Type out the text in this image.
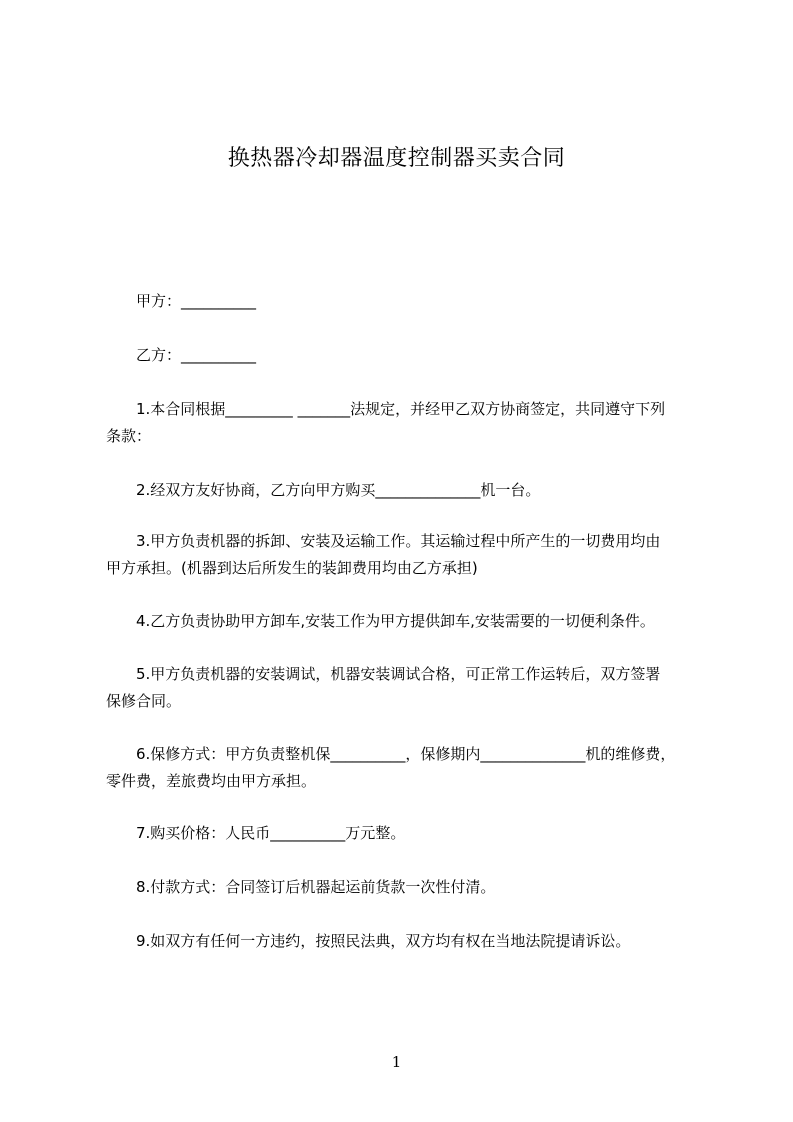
换热器冷却器温度控制器买卖合同
甲方：__________
乙方：__________
1.本合同根据_________ _______法规定，并经甲乙双方协商签定，共同遵守下列
条款：
2.经双方友好协商，乙方向甲方购买______________机一台。
3.甲方负责机器的拆卸、安装及运输工作。其运输过程中所产生的一切费用均由
甲方承担。(机器到达后所发生的装卸费用均由乙方承担)
4.乙方负责协助甲方卸车,安装工作为甲方提供卸车,安装需要的一切便利条件。
5.甲方负责机器的安装调试，机器安装调试合格，可正常工作运转后，双方签署
保修合同。
6.保修方式：甲方负责整机保__________，保修期内______________机的维修费，
零件费，差旅费均由甲方承担。
7.购买价格：人民币__________万元整。
8.付款方式：合同签订后机器起运前货款一次性付清。
9.如双方有任何一方违约，按照民法典，双方均有权在当地法院提请诉讼。
1
